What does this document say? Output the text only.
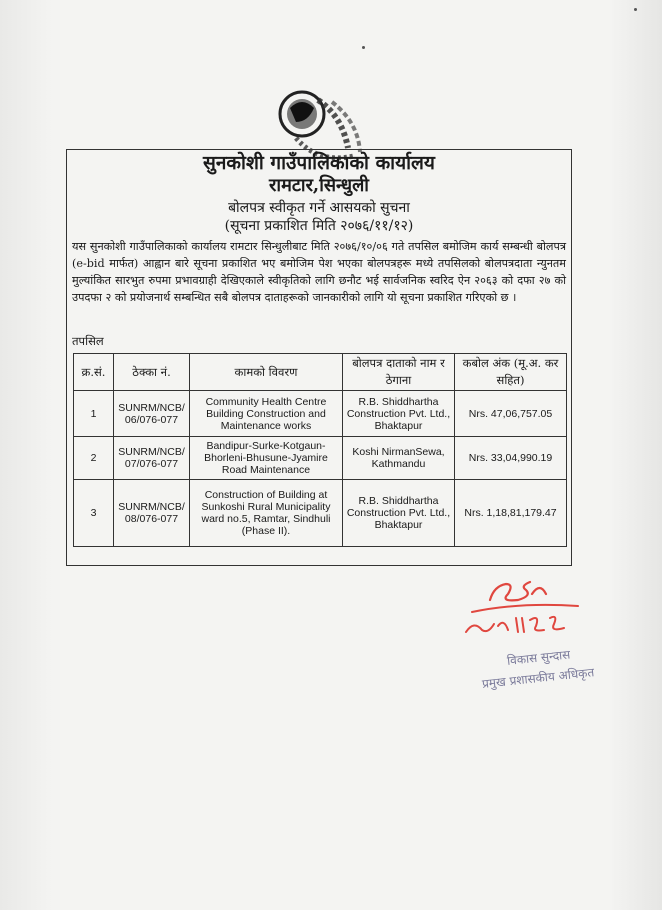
सुनकोशी गाउँपालिकाको कार्यालय
रामटार,सिन्धुली
बोलपत्र स्वीकृत गर्ने आसयको सुचना
(सूचना प्रकाशित मिति २०७६/११/१२)
यस सुनकोशी गाउँपालिकाको कार्यालय रामटार सिन्धुलीबाट मिति २०७६/१०/०६ गते तपसिल बमोजिम कार्य सम्बन्धी बोलपत्र (e-bid मार्फत) आह्वान बारे सूचना प्रकाशित भए बमोजिम पेश भएका बोलपत्रहरू मध्ये तपसिलको बोलपत्रदाता न्युनतम मुल्यांकित सारभुत रुपमा प्रभावग्राही देखिएकाले स्वीकृतिको लागि छनौट भई सार्वजनिक स्वरिद ऐन २०६३ को दफा २७ को उपदफा २ को प्रयोजनार्थ सम्बन्धित सबै बोलपत्र दाताहरूको जानकारीको लागि यो सूचना प्रकाशित गरिएको छ ।
तपसिल
क्र.सं.	ठेक्का नं.	कामको विवरण	बोलपत्र दाताको नाम र ठेगाना	कबोल अंक (मू.अ. कर सहित)
1	SUNRM/NCB/06/076-077	Community Health Centre Building Construction and Maintenance works	R.B. Shiddhartha Construction Pvt. Ltd., Bhaktapur	Nrs. 47,06,757.05
2	SUNRM/NCB/07/076-077	Bandipur-Surke-Kotgaun-Bhorleni-Bhusune-Jyamire Road Maintenance	Koshi NirmanSewa, Kathmandu	Nrs. 33,04,990.19
3	SUNRM/NCB/08/076-077	Construction of Building at Sunkoshi Rural Municipality ward no.5, Ramtar, Sindhuli (Phase II).	R.B. Shiddhartha Construction Pvt. Ltd., Bhaktapur	Nrs. 1,18,81,179.47
विकास सुन्दास
प्रमुख प्रशासकीय अधिकृत
